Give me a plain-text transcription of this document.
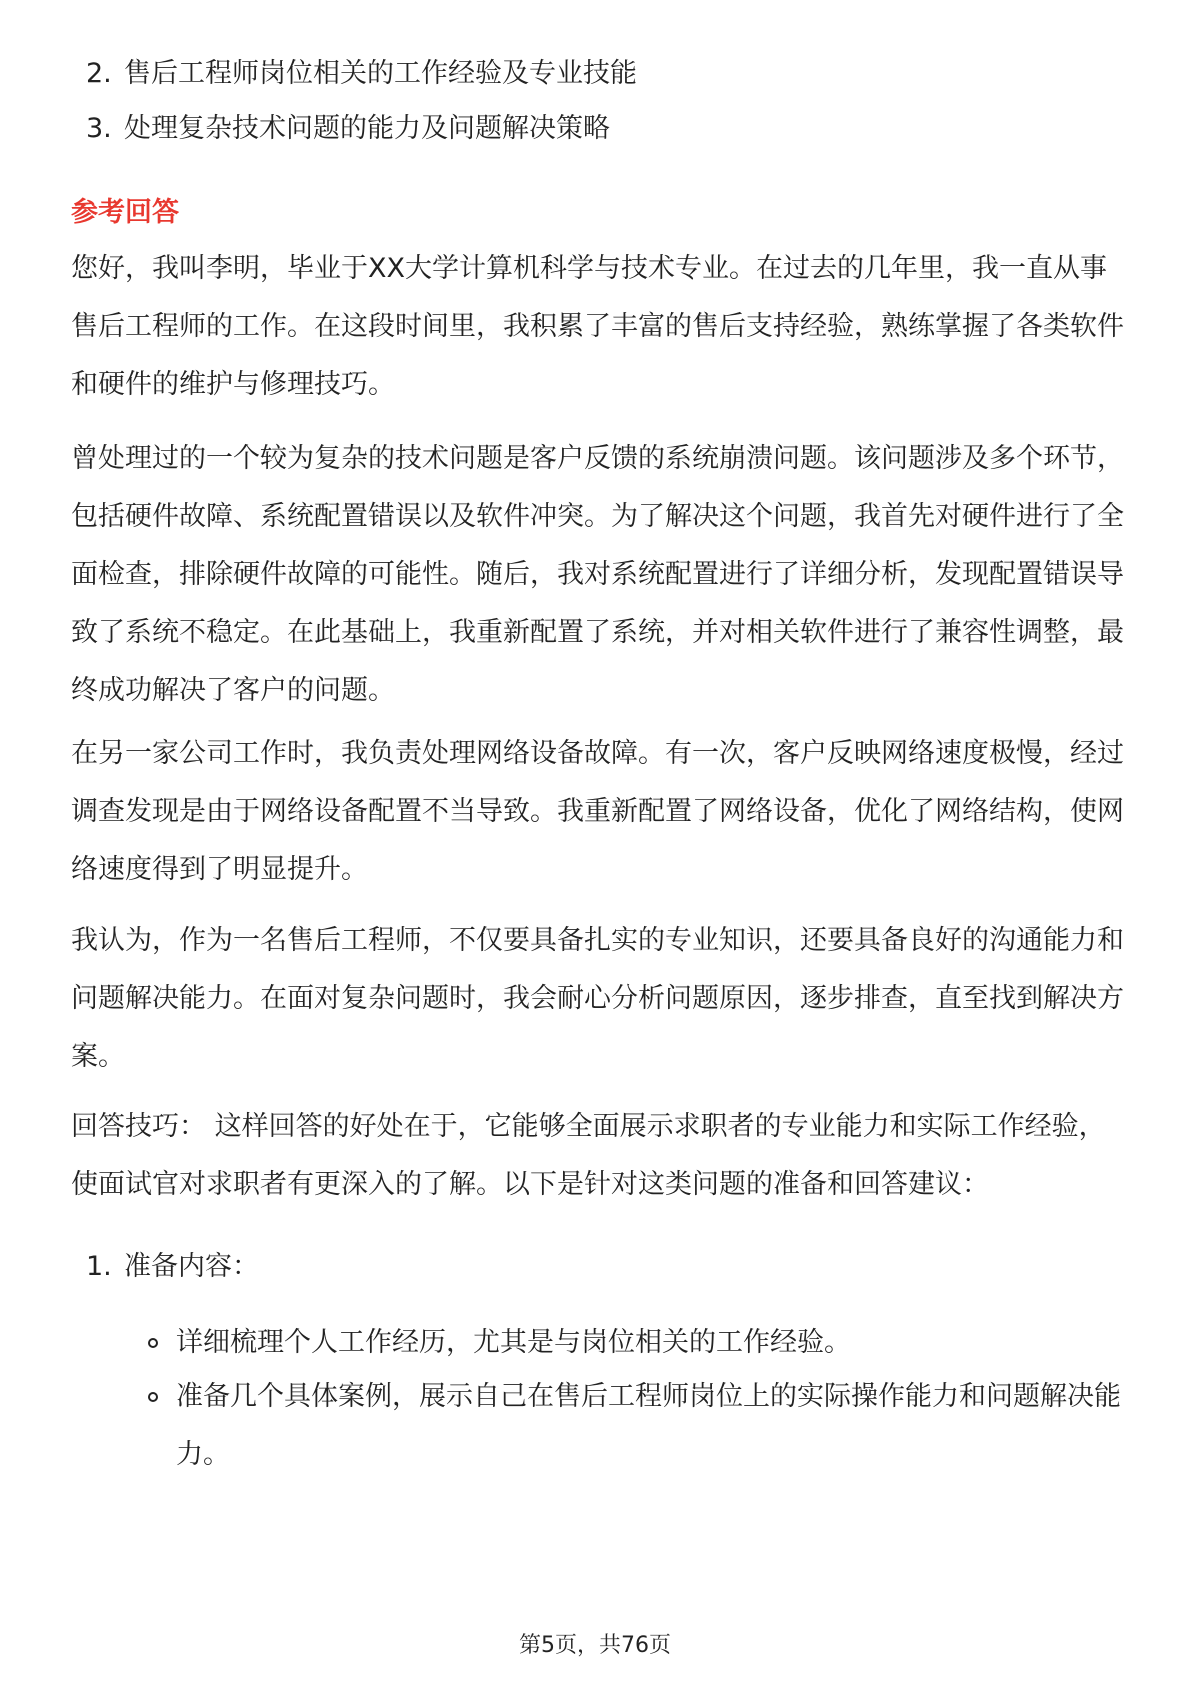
2. 售后工程师岗位相关的工作经验及专业技能
3. 处理复杂技术问题的能力及问题解决策略
参考回答

您好，我叫李明，毕业于XX大学计算机科学与技术专业。在过去的几年里，我一直从事售后工程师的工作。在这段时间里，我积累了丰富的售后支持经验，熟练掌握了各类软件和硬件的维护与修理技巧。

曾处理过的一个较为复杂的技术问题是客户反馈的系统崩溃问题。该问题涉及多个环节，包括硬件故障、系统配置错误以及软件冲突。为了解决这个问题，我首先对硬件进行了全面检查，排除硬件故障的可能性。随后，我对系统配置进行了详细分析，发现配置错误导致了系统不稳定。在此基础上，我重新配置了系统，并对相关软件进行了兼容性调整，最终成功解决了客户的问题。

在另一家公司工作时，我负责处理网络设备故障。有一次，客户反映网络速度极慢，经过调查发现是由于网络设备配置不当导致。我重新配置了网络设备，优化了网络结构，使网络速度得到了明显提升。

我认为，作为一名售后工程师，不仅要具备扎实的专业知识，还要具备良好的沟通能力和问题解决能力。在面对复杂问题时，我会耐心分析问题原因，逐步排查，直至找到解决方案。

回答技巧： 这样回答的好处在于，它能够全面展示求职者的专业能力和实际工作经验，使面试官对求职者有更深入的了解。以下是针对这类问题的准备和回答建议：

1. 准备内容：
详细梳理个人工作经历，尤其是与岗位相关的工作经验。
准备几个具体案例，展示自己在售后工程师岗位上的实际操作能力和问题解决能力。
第5页，共76页
